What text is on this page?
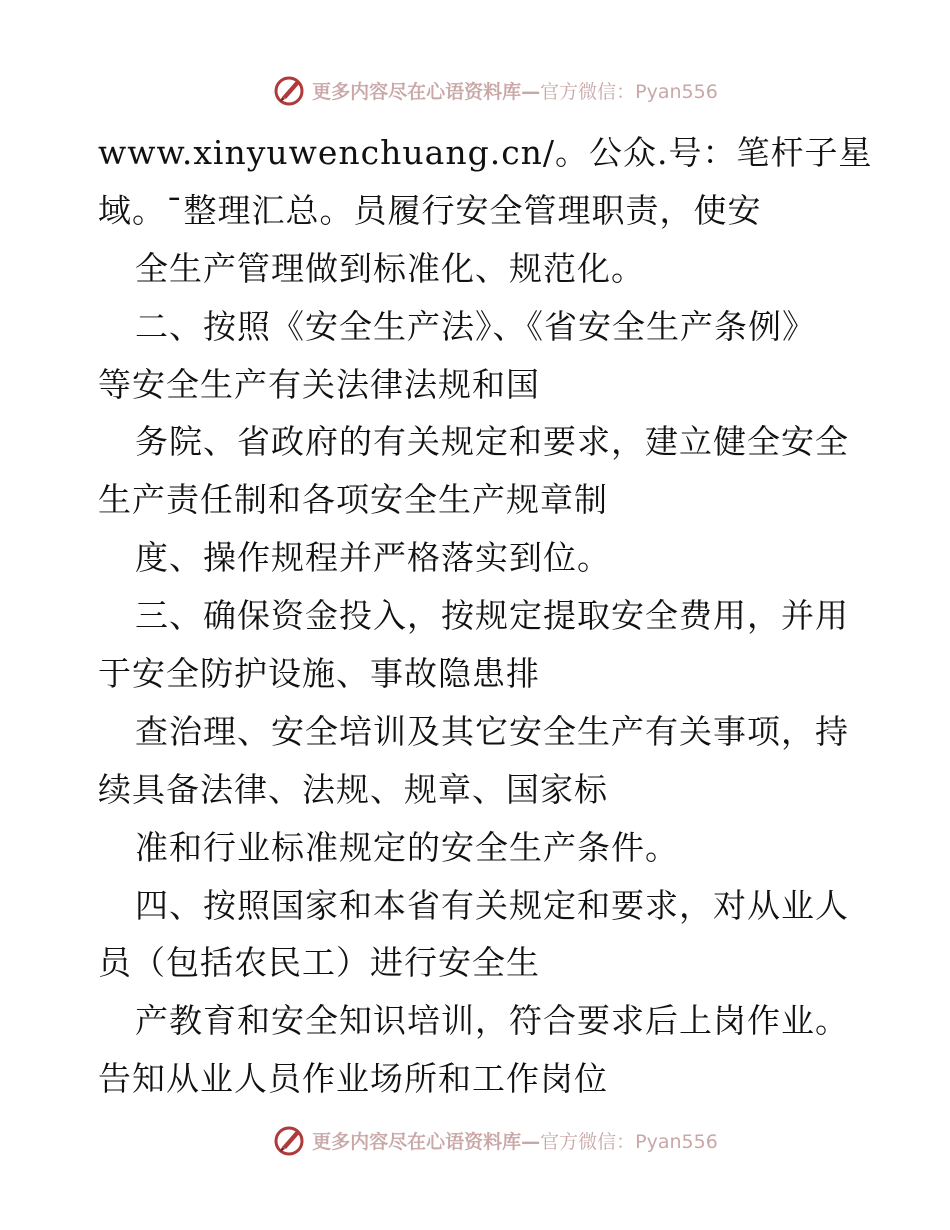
更多内容尽在心语资料库—官方微信：Pyan556
www.xinyuwenchuang.cn/。公众.号：笔杆子星
域。¯整理汇总。员履行安全管理职责，使安
全生产管理做到标准化、规范化。
二、按照《安全生产法》、《省安全生产条例》
等安全生产有关法律法规和国
务院、省政府的有关规定和要求，建立健全安全
生产责任制和各项安全生产规章制
度、操作规程并严格落实到位。
三、确保资金投入，按规定提取安全费用，并用
于安全防护设施、事故隐患排
查治理、安全培训及其它安全生产有关事项，持
续具备法律、法规、规章、国家标
准和行业标准规定的安全生产条件。
四、按照国家和本省有关规定和要求，对从业人
员（包括农民工）进行安全生
产教育和安全知识培训，符合要求后上岗作业。
告知从业人员作业场所和工作岗位
更多内容尽在心语资料库—官方微信：Pyan556
